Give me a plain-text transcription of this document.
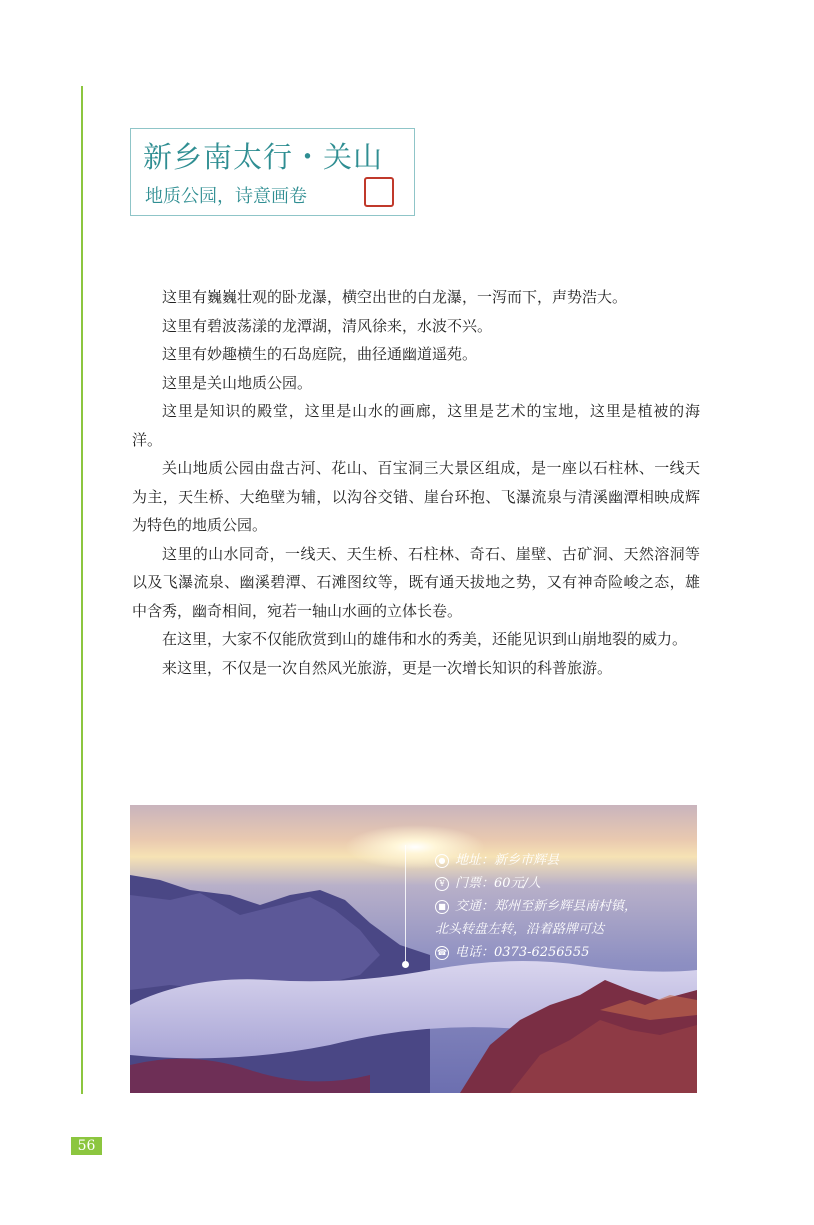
新乡南太行・关山
地质公园，诗意画卷

这里有巍巍壮观的卧龙瀑，横空出世的白龙瀑，一泻而下，声势浩大。

这里有碧波荡漾的龙潭湖，清风徐来，水波不兴。

这里有妙趣横生的石岛庭院，曲径通幽道遥苑。

这里是关山地质公园。

这里是知识的殿堂，这里是山水的画廊，这里是艺术的宝地，这里是植被的海洋。

关山地质公园由盘古河、花山、百宝洞三大景区组成，是一座以石柱林、一线天为主，天生桥、大绝壁为辅，以沟谷交错、崖台环抱、飞瀑流泉与清溪幽潭相映成辉为特色的地质公园。

这里的山水同奇，一线天、天生桥、石柱林、奇石、崖壁、古矿洞、天然溶洞等以及飞瀑流泉、幽溪碧潭、石滩图纹等，既有通天拔地之势，又有神奇险峻之态，雄中含秀，幽奇相间，宛若一轴山水画的立体长卷。

在这里，大家不仅能欣赏到山的雄伟和水的秀美，还能见识到山崩地裂的威力。

来这里，不仅是一次自然风光旅游，更是一次增长知识的科普旅游。

● 地址：新乡市辉县
¥ 门票：60元/人
■ 交通：郑州至新乡辉县南村镇，
北头转盘左转，沿着路牌可达
☎ 电话：0373-6256555
56
